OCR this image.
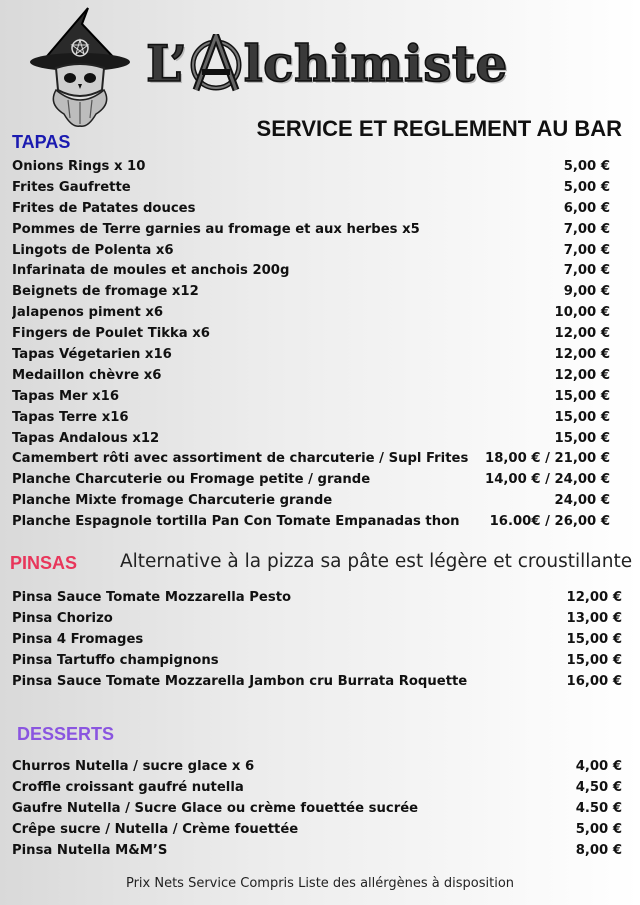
L’ lchimiste
SERVICE ET REGLEMENT AU BAR
TAPAS
Onions Rings x 10	5,00 €
Frites Gaufrette	5,00 €
Frites de Patates douces	6,00 €
Pommes de Terre garnies au fromage et aux herbes x5	7,00 €
Lingots de Polenta x6	7,00 €
Infarinata de moules et anchois 200g	7,00 €
Beignets de fromage x12	9,00 €
Jalapenos piment x6	10,00 €
Fingers de Poulet Tikka x6	12,00 €
Tapas Végetarien x16	12,00 €
Medaillon chèvre x6	12,00 €
Tapas Mer x16	15,00 €
Tapas Terre x16	15,00 €
Tapas Andalous x12	15,00 €
Camembert rôti avec assortiment de charcuterie / Supl Frites 18,00 € / 21,00 €
Planche Charcuterie ou Fromage petite / grande	14,00 € / 24,00 €
Planche Mixte fromage Charcuterie grande	24,00 €
Planche Espagnole tortilla Pan Con Tomate Empanadas thon 16.00€ / 26,00 €
PINSAS Alternative à la pizza sa pâte est légère et croustillante
Pinsa Sauce Tomate Mozzarella Pesto	12,00 €
Pinsa Chorizo	13,00 €
Pinsa 4 Fromages	15,00 €
Pinsa Tartuffo champignons	15,00 €
Pinsa Sauce Tomate Mozzarella Jambon cru Burrata Roquette	16,00 €
DESSERTS
Churros Nutella / sucre glace x 6	4,00 €
Croffle croissant gaufré nutella	4,50 €
Gaufre Nutella / Sucre Glace ou crème fouettée sucrée	4.50 €
Crêpe sucre / Nutella / Crème fouettée	5,00 €
Pinsa Nutella M&M’S	8,00 €
Prix Nets Service Compris Liste des allérgènes à disposition
